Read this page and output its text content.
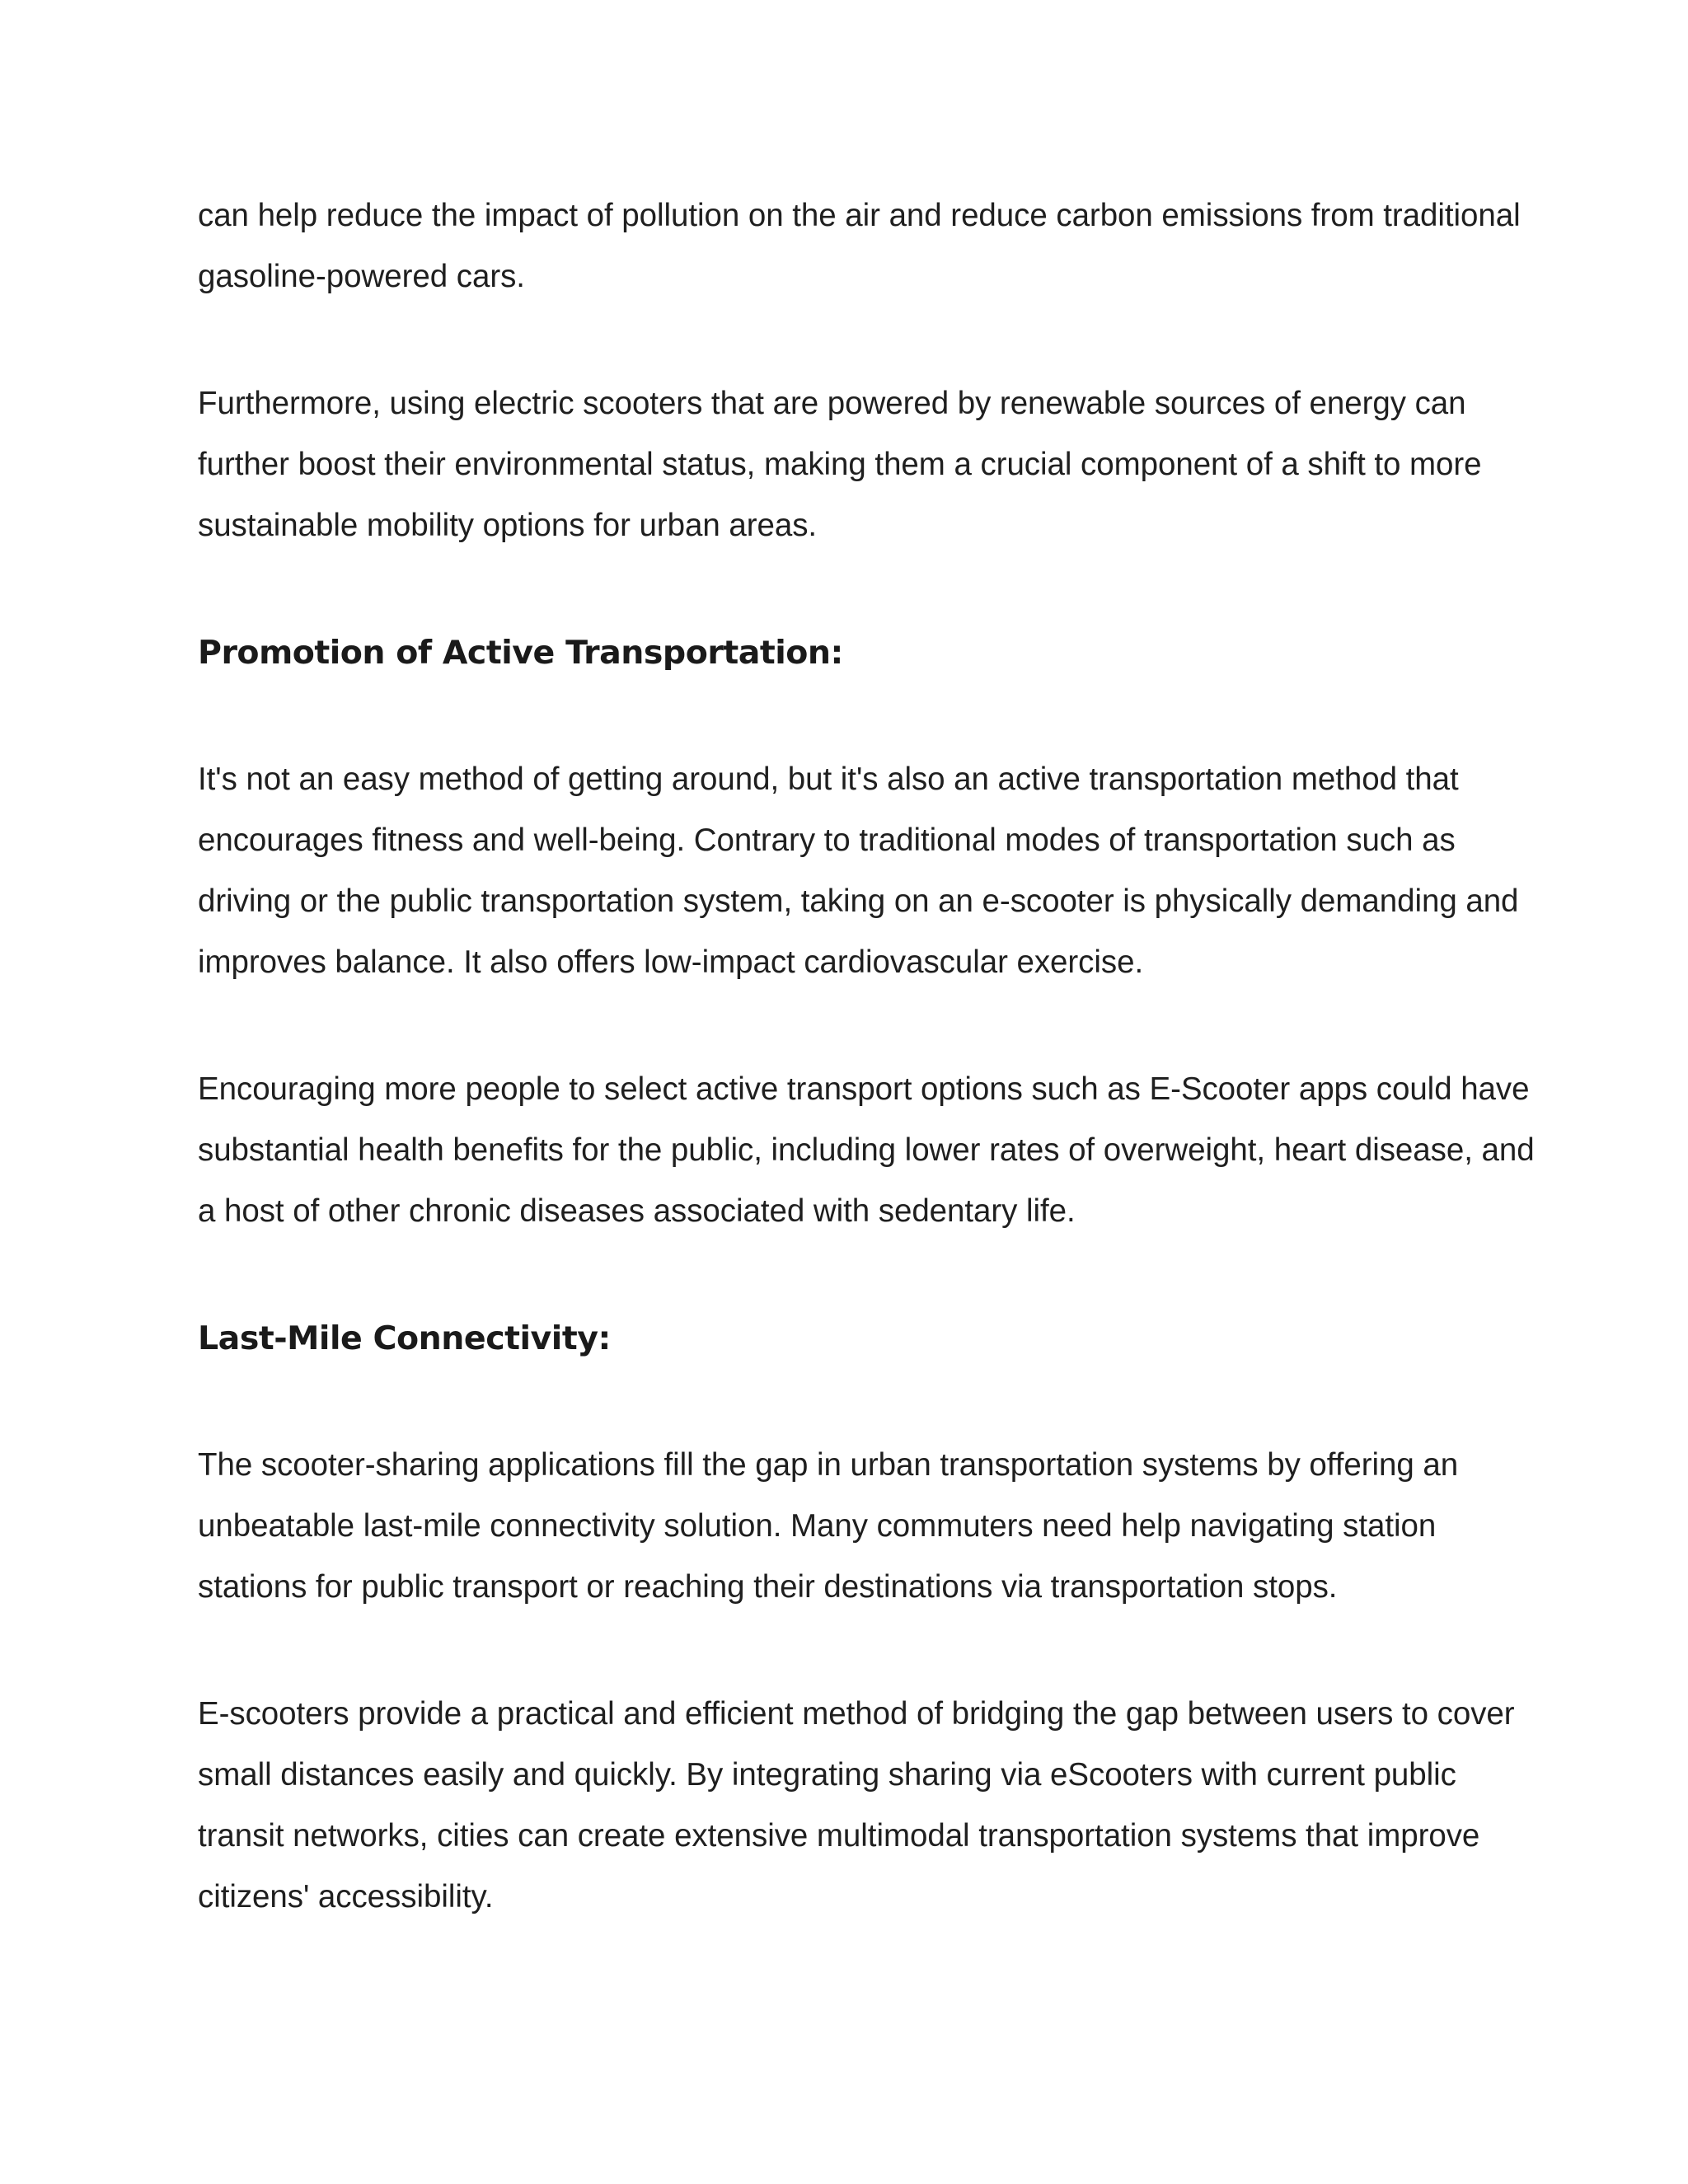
can help reduce the impact of pollution on the air and reduce carbon emissions from traditional gasoline-powered cars.

Furthermore, using electric scooters that are powered by renewable sources of energy can further boost their environmental status, making them a crucial component of a shift to more sustainable mobility options for urban areas.

Promotion of Active Transportation:

It's not an easy method of getting around, but it's also an active transportation method that encourages fitness and well-being. Contrary to traditional modes of transportation such as driving or the public transportation system, taking on an e-scooter is physically demanding and improves balance. It also offers low-impact cardiovascular exercise.

Encouraging more people to select active transport options such as E-Scooter apps could have substantial health benefits for the public, including lower rates of overweight, heart disease, and a host of other chronic diseases associated with sedentary life.

Last-Mile Connectivity:

The scooter-sharing applications fill the gap in urban transportation systems by offering an unbeatable last-mile connectivity solution. Many commuters need help navigating station stations for public transport or reaching their destinations via transportation stops.

E-scooters provide a practical and efficient method of bridging the gap between users to cover small distances easily and quickly. By integrating sharing via eScooters with current public transit networks, cities can create extensive multimodal transportation systems that improve citizens' accessibility.
